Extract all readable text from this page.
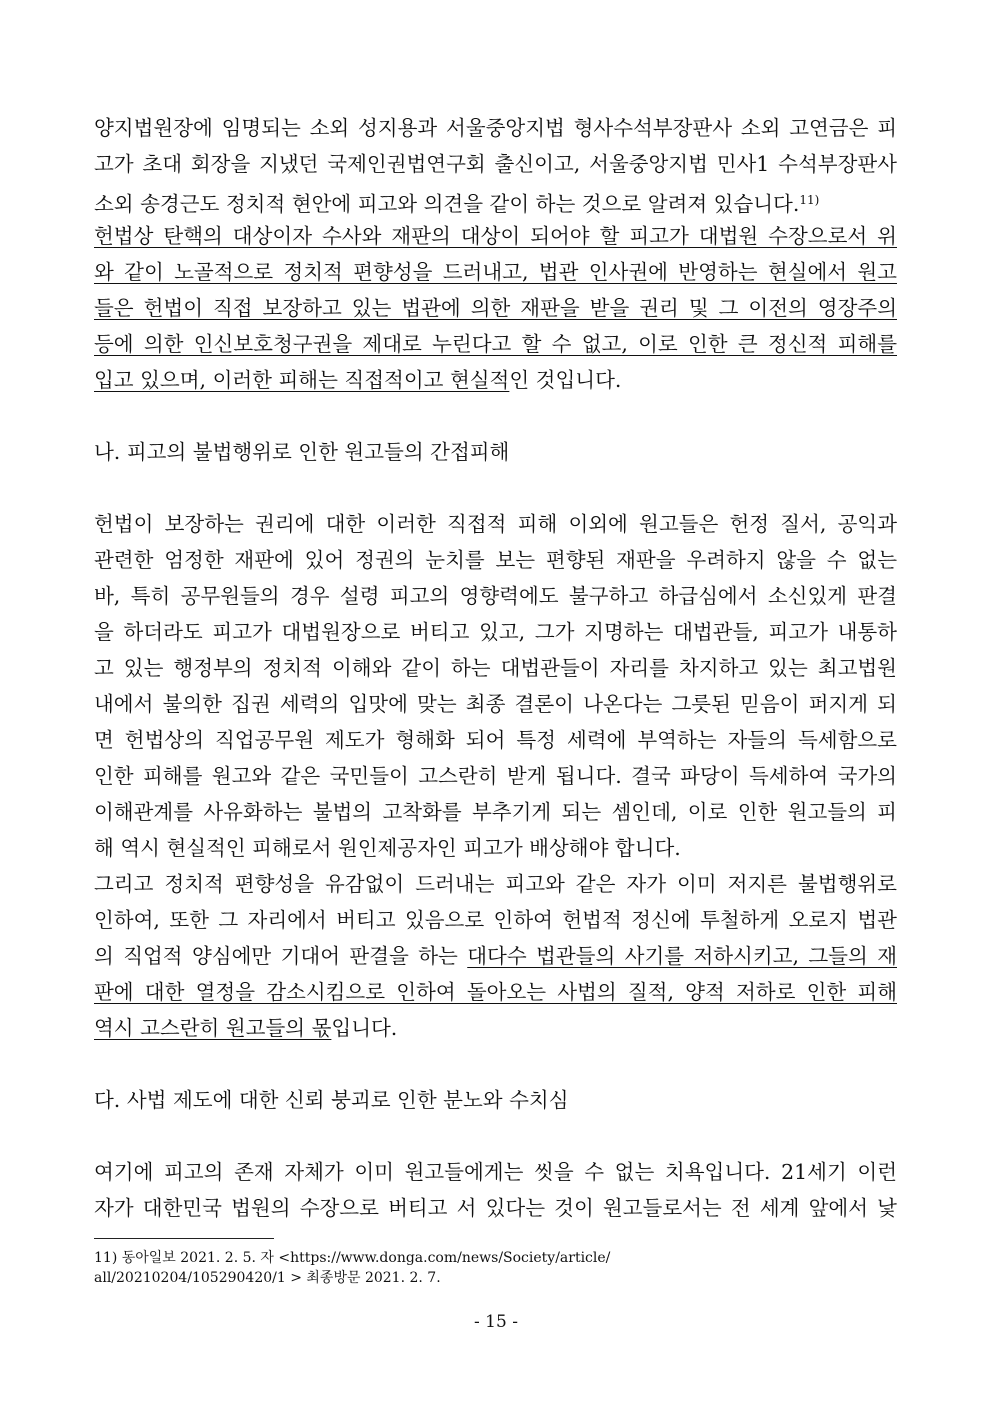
양지법원장에 임명되는 소외 성지용과 서울중앙지법 형사수석부장판사 소외 고연금은 피
고가 초대 회장을 지냈던 국제인권법연구회 출신이고, 서울중앙지법 민사1 수석부장판사
소외 송경근도 정치적 현안에 피고와 의견을 같이 하는 것으로 알려져 있습니다.$^{11)}$
헌법상 탄핵의 대상이자 수사와 재판의 대상이 되어야 할 피고가 대법원 수장으로서 위
와 같이 노골적으로 정치적 편향성을 드러내고, 법관 인사권에 반영하는 현실에서 원고
들은 헌법이 직접 보장하고 있는 법관에 의한 재판을 받을 권리 및 그 이전의 영장주의
등에 의한 인신보호청구권을 제대로 누린다고 할 수 없고, 이로 인한 큰 정신적 피해를
입고 있으며, 이러한 피해는 직접적이고 현실적인 것입니다.
나. 피고의 불법행위로 인한 원고들의 간접피해
헌법이 보장하는 권리에 대한 이러한 직접적 피해 이외에 원고들은 헌정 질서, 공익과
관련한 엄정한 재판에 있어 정권의 눈치를 보는 편향된 재판을 우려하지 않을 수 없는
바, 특히 공무원들의 경우 설령 피고의 영향력에도 불구하고 하급심에서 소신있게 판결
을 하더라도 피고가 대법원장으로 버티고 있고, 그가 지명하는 대법관들, 피고가 내통하
고 있는 행정부의 정치적 이해와 같이 하는 대법관들이 자리를 차지하고 있는 최고법원
내에서 불의한 집권 세력의 입맛에 맞는 최종 결론이 나온다는 그릇된 믿음이 퍼지게 되
면 헌법상의 직업공무원 제도가 형해화 되어 특정 세력에 부역하는 자들의 득세함으로
인한 피해를 원고와 같은 국민들이 고스란히 받게 됩니다. 결국 파당이 득세하여 국가의
이해관계를 사유화하는 불법의 고착화를 부추기게 되는 셈인데, 이로 인한 원고들의 피
해 역시 현실적인 피해로서 원인제공자인 피고가 배상해야 합니다.
그리고 정치적 편향성을 유감없이 드러내는 피고와 같은 자가 이미 저지른 불법행위로
인하여, 또한 그 자리에서 버티고 있음으로 인하여 헌법적 정신에 투철하게 오로지 법관
의 직업적 양심에만 기대어 판결을 하는 대다수 법관들의 사기를 저하시키고, 그들의 재
판에 대한 열정을 감소시킴으로 인하여 돌아오는 사법의 질적, 양적 저하로 인한 피해
역시 고스란히 원고들의 몫입니다.
다. 사법 제도에 대한 신뢰 붕괴로 인한 분노와 수치심
여기에 피고의 존재 자체가 이미 원고들에게는 씻을 수 없는 치욕입니다. 21세기 이런
자가 대한민국 법원의 수장으로 버티고 서 있다는 것이 원고들로서는 전 세계 앞에서 낯
11) 동아일보 2021. 2. 5. 자 <https://www.donga.com/news/Society/article/
all/20210204/105290420/1 > 최종방문 2021. 2. 7.
- 15 -
